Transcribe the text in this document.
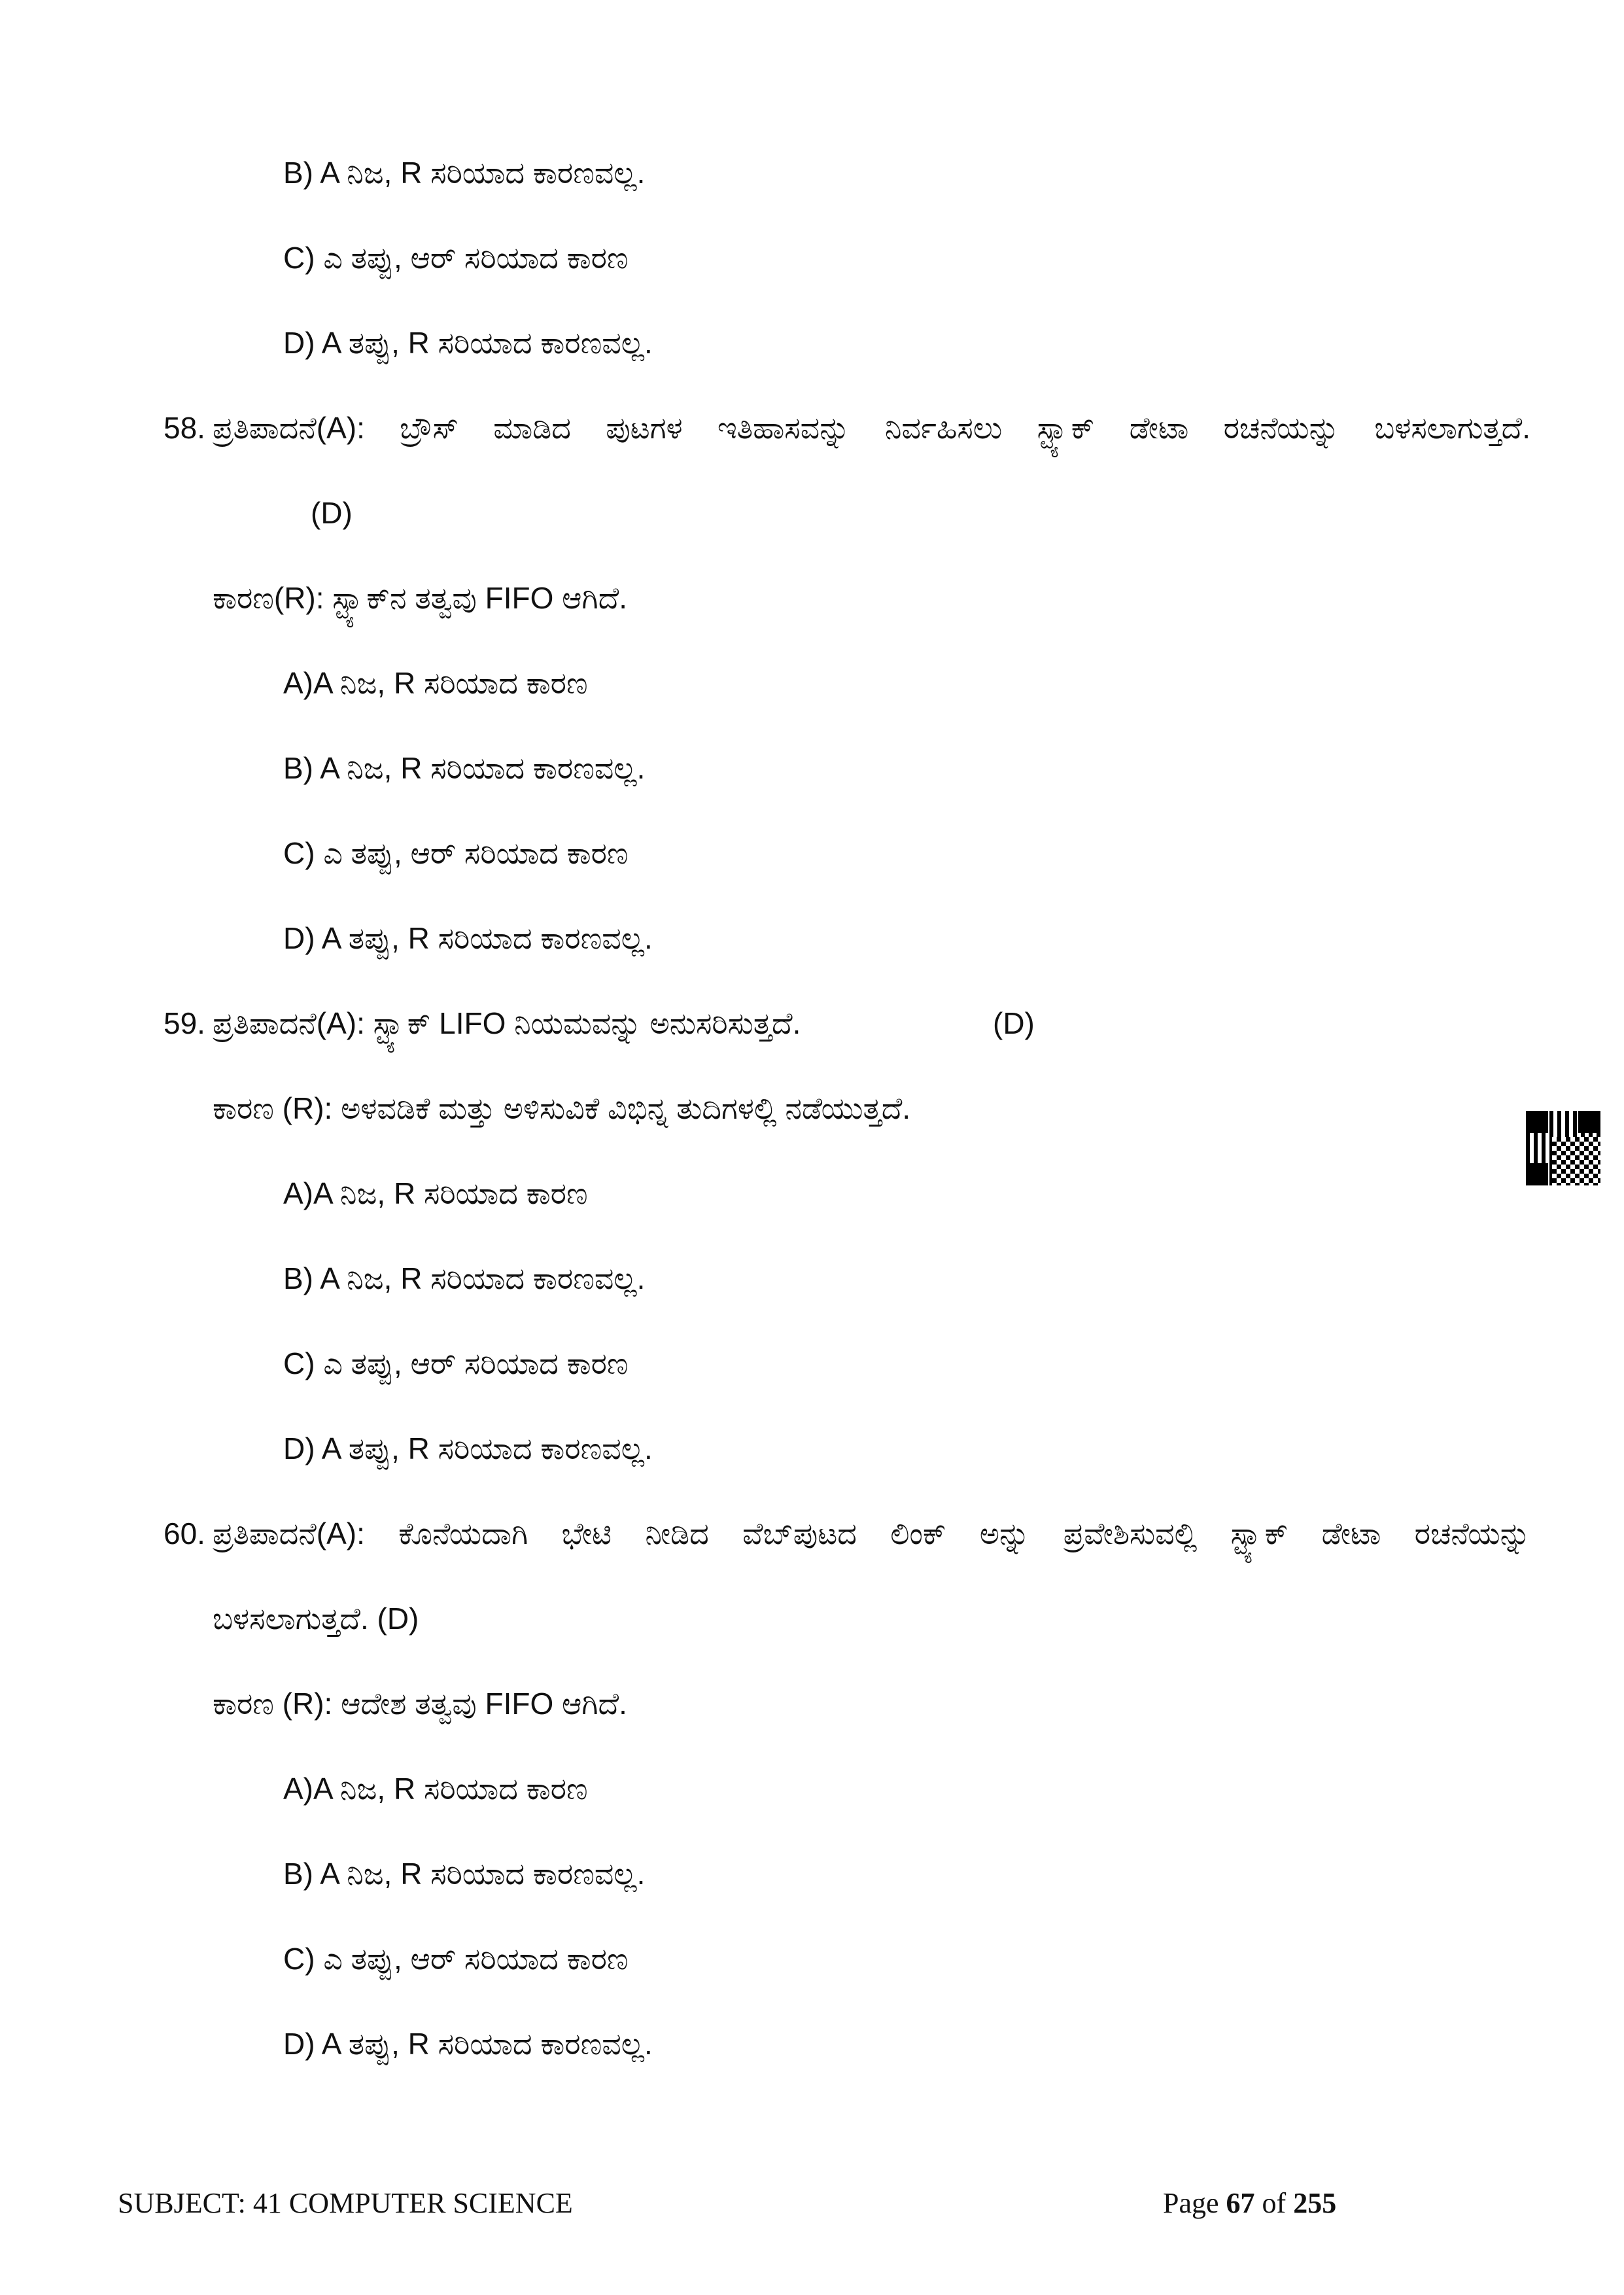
B) A ನಿಜ, R ಸರಿಯಾದ ಕಾರಣವಲ್ಲ.
C) ಎ ತಪ್ಪು, ಆರ್ ಸರಿಯಾದ ಕಾರಣ
D) A ತಪ್ಪು, R ಸರಿಯಾದ ಕಾರಣವಲ್ಲ.
58. ಪ್ರತಿಪಾದನೆ(A): ಬ್ರೌಸ್ ಮಾಡಿದ ಪುಟಗಳ ಇತಿಹಾಸವನ್ನು ನಿರ್ವಹಿಸಲು ಸ್ಟ್ಯಾಕ್ ಡೇಟಾ ರಚನೆಯನ್ನು ಬಳಸಲಾಗುತ್ತದೆ.
(D)
ಕಾರಣ(R): ಸ್ಟ್ಯಾಕ್‌ನ ತತ್ವವು FIFO ಆಗಿದೆ.
A)A ನಿಜ, R ಸರಿಯಾದ ಕಾರಣ
B) A ನಿಜ, R ಸರಿಯಾದ ಕಾರಣವಲ್ಲ.
C) ಎ ತಪ್ಪು, ಆರ್ ಸರಿಯಾದ ಕಾರಣ
D) A ತಪ್ಪು, R ಸರಿಯಾದ ಕಾರಣವಲ್ಲ.
59. ಪ್ರತಿಪಾದನೆ(A): ಸ್ಟ್ಯಾಕ್ LIFO ನಿಯಮವನ್ನು ಅನುಸರಿಸುತ್ತದೆ.	(D)
ಕಾರಣ (R): ಅಳವಡಿಕೆ ಮತ್ತು ಅಳಿಸುವಿಕೆ ವಿಭಿನ್ನ ತುದಿಗಳಲ್ಲಿ ನಡೆಯುತ್ತದೆ.
A)A ನಿಜ, R ಸರಿಯಾದ ಕಾರಣ
B) A ನಿಜ, R ಸರಿಯಾದ ಕಾರಣವಲ್ಲ.
C) ಎ ತಪ್ಪು, ಆರ್ ಸರಿಯಾದ ಕಾರಣ
D) A ತಪ್ಪು, R ಸರಿಯಾದ ಕಾರಣವಲ್ಲ.
60. ಪ್ರತಿಪಾದನೆ(A): ಕೊನೆಯದಾಗಿ ಭೇಟಿ ನೀಡಿದ ವೆಬ್‌ಪುಟದ ಲಿಂಕ್ ಅನ್ನು ಪ್ರವೇಶಿಸುವಲ್ಲಿ ಸ್ಟ್ಯಾಕ್ ಡೇಟಾ ರಚನೆಯನ್ನು
ಬಳಸಲಾಗುತ್ತದೆ. (D)
ಕಾರಣ (R): ಆದೇಶ ತತ್ವವು FIFO ಆಗಿದೆ.
A)A ನಿಜ, R ಸರಿಯಾದ ಕಾರಣ
B) A ನಿಜ, R ಸರಿಯಾದ ಕಾರಣವಲ್ಲ.
C) ಎ ತಪ್ಪು, ಆರ್ ಸರಿಯಾದ ಕಾರಣ
D) A ತಪ್ಪು, R ಸರಿಯಾದ ಕಾರಣವಲ್ಲ.
SUBJECT: 41 COMPUTER SCIENCE	Page 67 of 255
